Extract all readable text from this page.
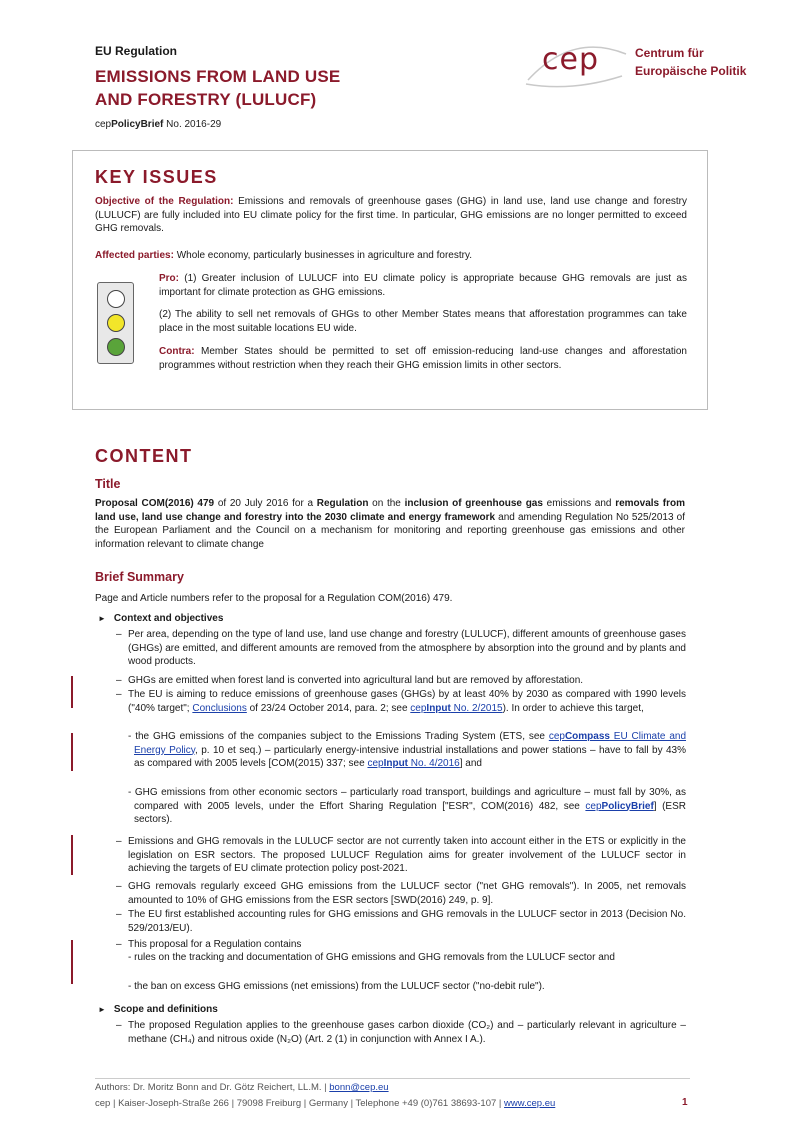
EU Regulation
EMISSIONS FROM LAND USE
AND FORESTRY (LULUCF)
cepPolicyBrief No. 2016-29
cep	Centrum für
Europäische Politik
KEY ISSUES
Objective of the Regulation: Emissions and removals of greenhouse gases (GHG) in land use, land use change and forestry (LULUCF) are fully included into EU climate policy for the first time. In particular, GHG emissions are no longer permitted to exceed GHG removals.
Affected parties: Whole economy, particularly businesses in agriculture and forestry.
Pro: (1) Greater inclusion of LULUCF into EU climate policy is appropriate because GHG removals are just as important for climate protection as GHG emissions.
(2) The ability to sell net removals of GHGs to other Member States means that afforestation programmes can take place in the most suitable locations EU wide.
Contra: Member States should be permitted to set off emission-reducing land-use changes and afforestation programmes without restriction when they reach their GHG emission limits in other sectors.
CONTENT
Title
Proposal COM(2016) 479 of 20 July 2016 for a Regulation on the inclusion of greenhouse gas emissions and removals from land use, land use change and forestry into the 2030 climate and energy framework and amending Regulation No 525/2013 of the European Parliament and the Council on a mechanism for monitoring and reporting greenhouse gas emissions and other information relevant to climate change
Brief Summary
Page and Article numbers refer to the proposal for a Regulation COM(2016) 479.
► Context and objectives
– Per area, depending on the type of land use, land use change and forestry (LULUCF), different amounts of greenhouse gases (GHGs) are emitted, and different amounts are removed from the atmosphere by absorption into the ground and by plants and wood products.
– GHGs are emitted when forest land is converted into agricultural land but are removed by afforestation.
– The EU is aiming to reduce emissions of greenhouse gases (GHGs) by at least 40% by 2030 as compared with 1990 levels ("40% target"; Conclusions of 23/24 October 2014, para. 2; see cepInput No. 2/2015). In order to achieve this target,
- the GHG emissions of the companies subject to the Emissions Trading System (ETS, see cepCompass EU Climate and Energy Policy, p. 10 et seq.) – particularly energy-intensive industrial installations and power stations – have to fall by 43% as compared with 2005 levels [COM(2015) 337; see cepInput No. 4/2016] and
- GHG emissions from other economic sectors – particularly road transport, buildings and agriculture – must fall by 30%, as compared with 2005 levels, under the Effort Sharing Regulation ["ESR", COM(2016) 482, see cepPolicyBrief] (ESR sectors).
– Emissions and GHG removals in the LULUCF sector are not currently taken into account either in the ETS or explicitly in the legislation on ESR sectors. The proposed LULUCF Regulation aims for greater involvement of the LULUCF sector in achieving the targets of EU climate protection policy post-2021.
– GHG removals regularly exceed GHG emissions from the LULUCF sector ("net GHG removals"). In 2005, net removals amounted to 10% of GHG emissions from the ESR sectors [SWD(2016) 249, p. 9].
– The EU first established accounting rules for GHG emissions and GHG removals in the LULUCF sector in 2013 (Decision No. 529/2013/EU).
– This proposal for a Regulation contains
- rules on the tracking and documentation of GHG emissions and GHG removals from the LULUCF sector and
- the ban on excess GHG emissions (net emissions) from the LULUCF sector ("no-debit rule").
► Scope and definitions
– The proposed Regulation applies to the greenhouse gases carbon dioxide (CO₂) and – particularly relevant in agriculture – methane (CH₄) and nitrous oxide (N₂O) (Art. 2 (1) in conjunction with Annex I A.).
Authors: Dr. Moritz Bonn and Dr. Götz Reichert, LL.M. | bonn@cep.eu
cep | Kaiser-Joseph-Straße 266 | 79098 Freiburg | Germany | Telephone +49 (0)761 38693-107 | www.cep.eu	1
